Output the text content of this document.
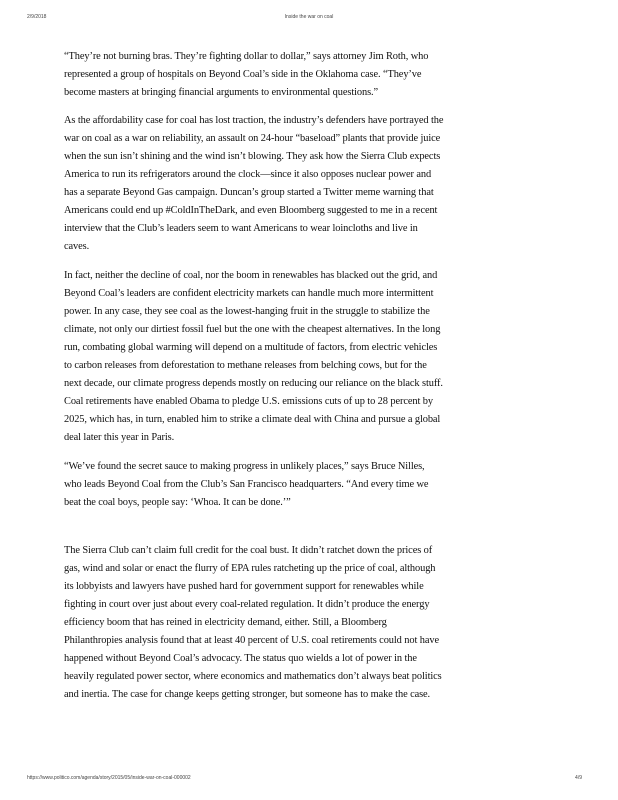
2/9/2018	Inside the war on coal

“They’re not burning bras. They’re fighting dollar to dollar,” says attorney Jim Roth, who represented a group of hospitals on Beyond Coal’s side in the Oklahoma case. “They’ve become masters at bringing financial arguments to environmental questions.”

As the affordability case for coal has lost traction, the industry’s defenders have portrayed the war on coal as a war on reliability, an assault on 24-hour “baseload” plants that provide juice when the sun isn’t shining and the wind isn’t blowing. They ask how the Sierra Club expects America to run its refrigerators around the clock—since it also opposes nuclear power and has a separate Beyond Gas campaign. Duncan’s group started a Twitter meme warning that Americans could end up #ColdInTheDark, and even Bloomberg suggested to me in a recent interview that the Club’s leaders seem to want Americans to wear loincloths and live in caves.

In fact, neither the decline of coal, nor the boom in renewables has blacked out the grid, and Beyond Coal’s leaders are confident electricity markets can handle much more intermittent power. In any case, they see coal as the lowest-hanging fruit in the struggle to stabilize the climate, not only our dirtiest fossil fuel but the one with the cheapest alternatives. In the long run, combating global warming will depend on a multitude of factors, from electric vehicles to carbon releases from deforestation to methane releases from belching cows, but for the next decade, our climate progress depends mostly on reducing our reliance on the black stuff. Coal retirements have enabled Obama to pledge U.S. emissions cuts of up to 28 percent by 2025, which has, in turn, enabled him to strike a climate deal with China and pursue a global deal later this year in Paris.

“We’ve found the secret sauce to making progress in unlikely places,” says Bruce Nilles, who leads Beyond Coal from the Club’s San Francisco headquarters. “And every time we beat the coal boys, people say: ‘Whoa. It can be done.’”

The Sierra Club can’t claim full credit for the coal bust. It didn’t ratchet down the prices of gas, wind and solar or enact the flurry of EPA rules ratcheting up the price of coal, although its lobbyists and lawyers have pushed hard for government support for renewables while fighting in court over just about every coal-related regulation. It didn’t produce the energy efficiency boom that has reined in electricity demand, either. Still, a Bloomberg Philanthropies analysis found that at least 40 percent of U.S. coal retirements could not have happened without Beyond Coal’s advocacy. The status quo wields a lot of power in the heavily regulated power sector, where economics and mathematics don’t always beat politics and inertia. The case for change keeps getting stronger, but someone has to make the case.

https://www.politico.com/agenda/story/2015/05/inside-war-on-coal-000002	4/9
